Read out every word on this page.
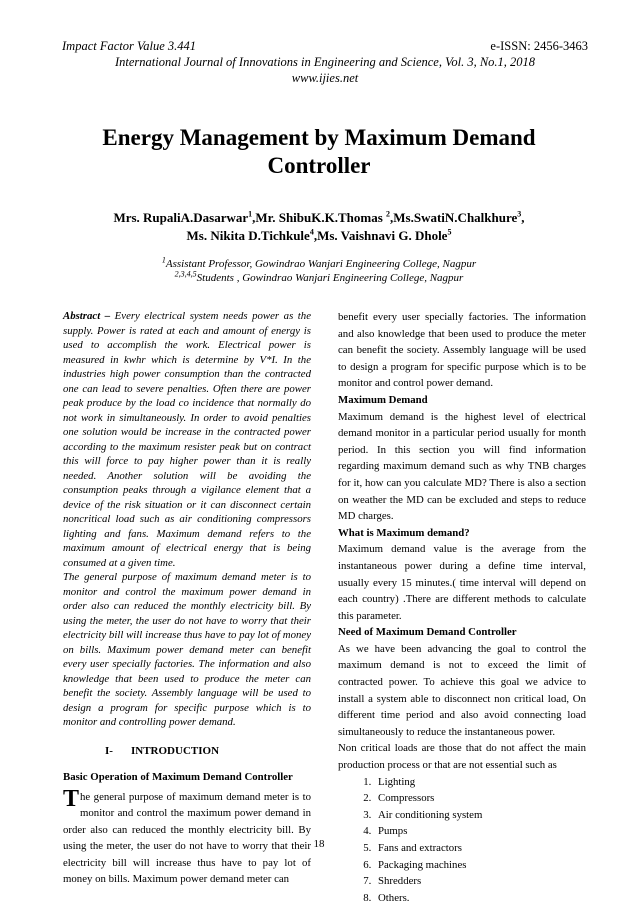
Impact Factor Value 3.441	e-ISSN: 2456-3463
International Journal of Innovations in Engineering and Science, Vol. 3, No.1, 2018
www.ijies.net
Energy Management by Maximum Demand
Controller
Mrs. RupaliA.Dasarwar$^1$,Mr. ShibuK.K.Thomas $^2$,Ms.SwatiN.Chalkhure$^3$,
Ms. Nikita D.Tichkule$^4$,Ms. Vaishnavi G. Dhole$^5$
$^1$Assistant Professor, Gowindrao Wanjari Engineering College, Nagpur
$^{2,3,4,5}$Students , Gowindrao Wanjari Engineering College, Nagpur

Abstract – Every electrical system needs power as the supply. Power is rated at each and amount of energy is used to accomplish the work. Electrical power is measured in kwhr which is determine by V*I. In the industries high power consumption than the contracted one can lead to severe penalties. Often there are power peak produce by the load co incidence that normally do not work in simultaneously. In order to avoid penalties one solution would be increase in the contracted power according to the maximum resister peak but on contract this will force to pay higher power than it is really needed. Another solution will be avoiding the consumption peaks through a vigilance element that a device of the risk situation or it can disconnect certain noncritical load such as air conditioning compressors lighting and fans. Maximum demand refers to the maximum amount of electrical energy that is being consumed at a given time.

The general purpose of maximum demand meter is to monitor and control the maximum power demand in order also can reduced the monthly electricity bill. By using the meter, the user do not have to worry that their electricity bill will increase thus have to pay lot of money on bills. Maximum power demand meter can benefit every user specially factories. The information and also knowledge that been used to produce the meter can benefit the society. Assembly language will be used to design a program for specific purpose which is to monitor and controlling power demand.

I- INTRODUCTION
Basic Operation of Maximum Demand Controller

The general purpose of maximum demand meter is to monitor and control the maximum power demand in order also can reduced the monthly electricity bill. By using the meter, the user do not have to worry that their electricity bill will increase thus have to pay lot of money on bills. Maximum power demand meter can

benefit every user specially factories. The information and also knowledge that been used to produce the meter can benefit the society. Assembly language will be used to design a program for specific purpose which is to be monitor and control power demand.

Maximum Demand

Maximum demand is the highest level of electrical demand monitor in a particular period usually for month period. In this section you will find information regarding maximum demand such as why TNB charges for it, how can you calculate MD? There is also a section on weather the MD can be excluded and steps to reduce MD charges.

What is Maximum demand?

Maximum demand value is the average from the instantaneous power during a define time interval, usually every 15 minutes.( time interval will depend on each country) .There are different methods to calculate this parameter.

Need of Maximum Demand Controller

As we have been advancing the goal to control the maximum demand is not to exceed the limit of contracted power. To achieve this goal we advice to install a system able to disconnect non critical load, On different time period and also avoid connecting load simultaneously to reduce the instantaneous power.

Non critical loads are those that do not affect the main production process or that are not essential such as

1. Lighting
2. Compressors
3. Air conditioning system
4. Pumps
5. Fans and extractors
6. Packaging machines
7. Shredders
8. Others.
18
